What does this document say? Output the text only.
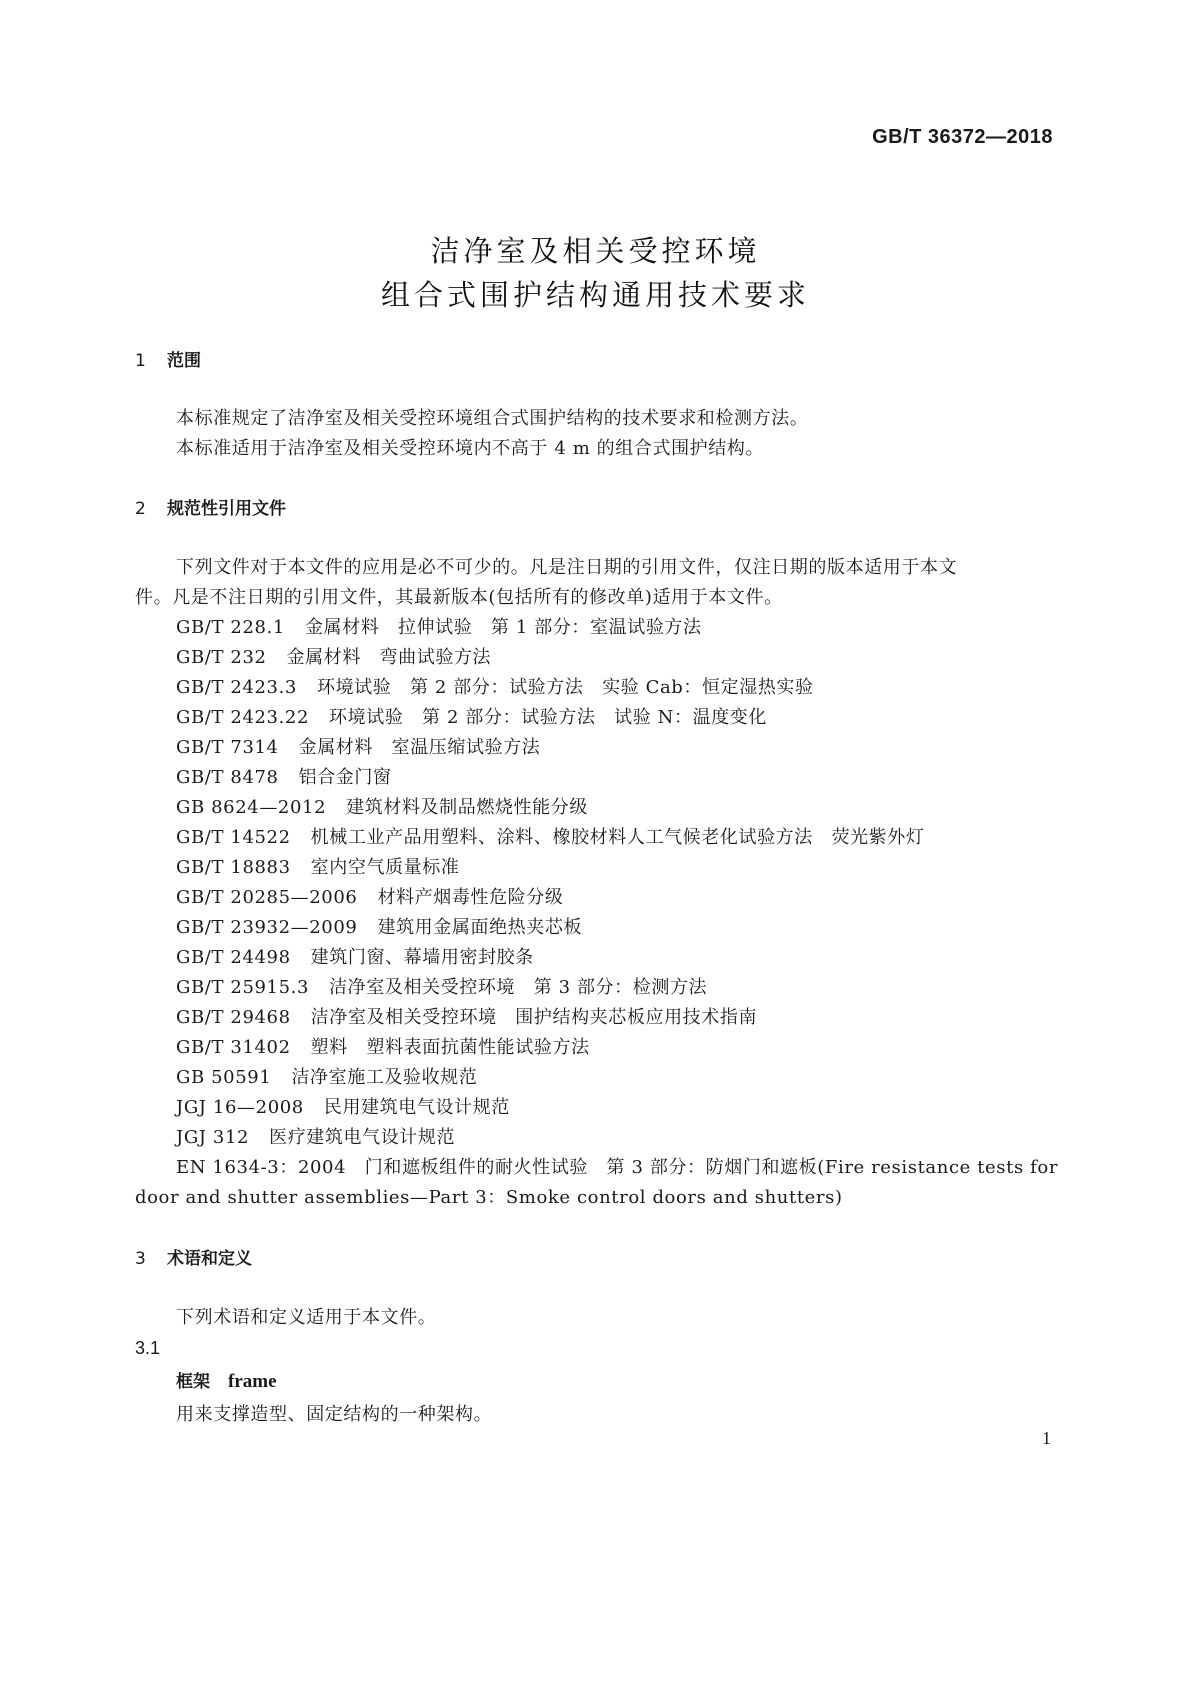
GB/T 36372—2018
洁净室及相关受控环境
组合式围护结构通用技术要求
1 范围
本标准规定了洁净室及相关受控环境组合式围护结构的技术要求和检测方法。
本标准适用于洁净室及相关受控环境内不高于 4 m 的组合式围护结构。
2 规范性引用文件
下列文件对于本文件的应用是必不可少的。凡是注日期的引用文件，仅注日期的版本适用于本文
件。凡是不注日期的引用文件，其最新版本(包括所有的修改单)适用于本文件。
GB/T 228.1 金属材料　拉伸试验　第 1 部分：室温试验方法
GB/T 232 金属材料　弯曲试验方法
GB/T 2423.3 环境试验　第 2 部分：试验方法　实验 Cab：恒定湿热实验
GB/T 2423.22 环境试验　第 2 部分：试验方法　试验 N：温度变化
GB/T 7314 金属材料　室温压缩试验方法
GB/T 8478 铝合金门窗
GB 8624—2012 建筑材料及制品燃烧性能分级
GB/T 14522 机械工业产品用塑料、涂料、橡胶材料人工气候老化试验方法　荧光紫外灯
GB/T 18883 室内空气质量标准
GB/T 20285—2006 材料产烟毒性危险分级
GB/T 23932—2009 建筑用金属面绝热夹芯板
GB/T 24498 建筑门窗、幕墙用密封胶条
GB/T 25915.3 洁净室及相关受控环境　第 3 部分：检测方法
GB/T 29468 洁净室及相关受控环境　围护结构夹芯板应用技术指南
GB/T 31402 塑料　塑料表面抗菌性能试验方法
GB 50591 洁净室施工及验收规范
JGJ 16—2008 民用建筑电气设计规范
JGJ 312 医疗建筑电气设计规范
EN 1634-3：2004　门和遮板组件的耐火性试验　第 3 部分：防烟门和遮板(Fire resistance tests for
door and shutter assemblies—Part 3：Smoke control doors and shutters)
3 术语和定义
下列术语和定义适用于本文件。
3.1
框架 frame
用来支撑造型、固定结构的一种架构。
1
